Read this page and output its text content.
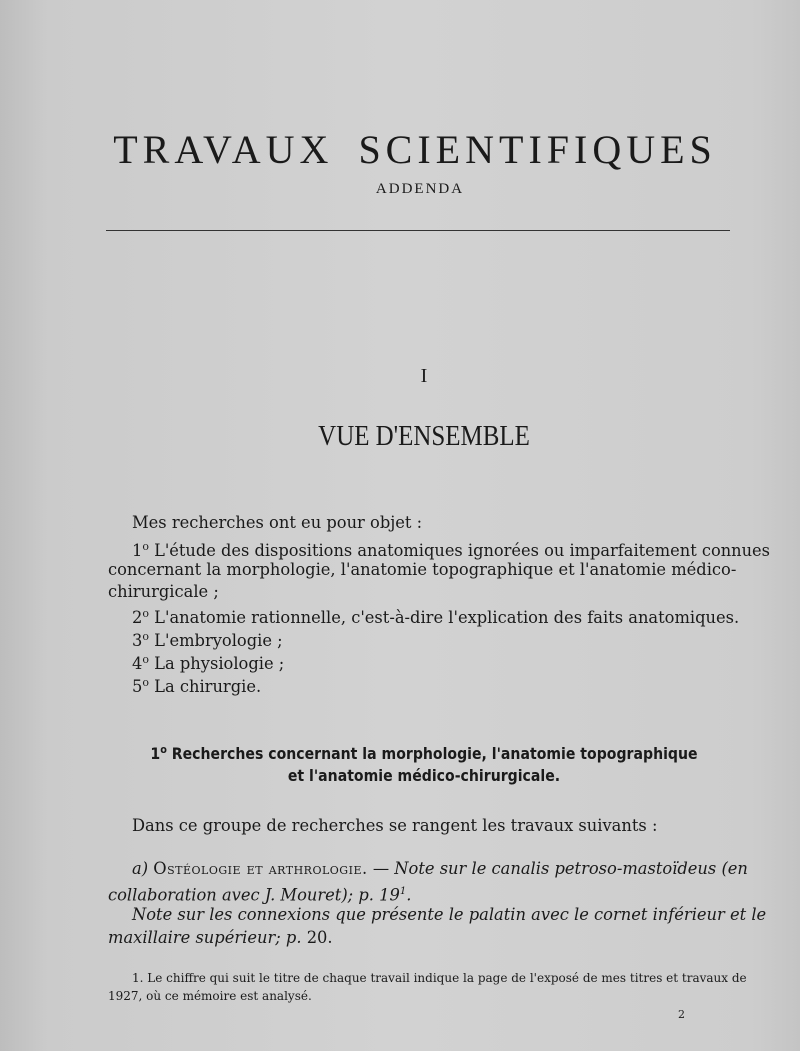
TRAVAUX SCIENTIFIQUES
ADDENDA
I
VUE D'ENSEMBLE
Mes recherches ont eu pour objet :
1$^o$ L'étude des dispositions anatomiques ignorées ou imparfaitement connues
concernant la morphologie, l'anatomie topographique et l'anatomie médico-
chirurgicale ;
2$^o$ L'anatomie rationnelle, c'est-à-dire l'explication des faits anatomiques.
3$^o$ L'embryologie ;
4$^o$ La physiologie ;
5$^o$ La chirurgie.
1$^o$ Recherches concernant la morphologie, l'anatomie topographique
et l'anatomie médico-chirurgicale.
Dans ce groupe de recherches se rangent les travaux suivants :
a) Ostéologie et arthrologie. — Note sur le canalis petroso-mastoïdeus (en
collaboration avec J. Mouret); p. $19^1$.
Note sur les connexions que présente le palatin avec le cornet inférieur et le
maxillaire supérieur; p. 20.
1. Le chiffre qui suit le titre de chaque travail indique la page de l'exposé de mes titres et travaux de
1927, où ce mémoire est analysé.
2
